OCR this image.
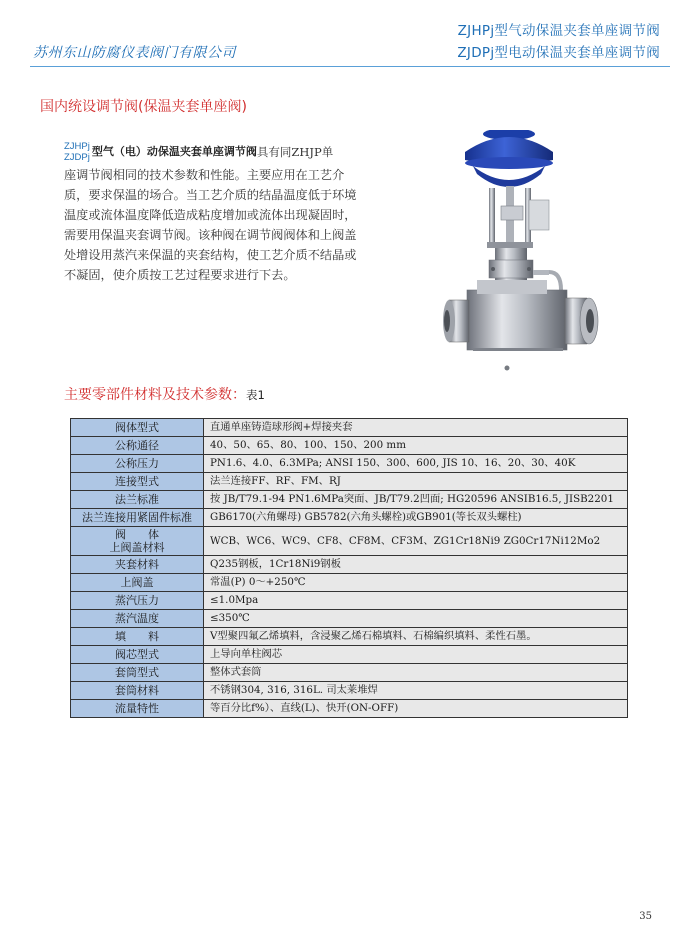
苏州东山防腐仪表阀门有限公司
ZJHPj型气动保温夹套单座调节阀
ZJDPj型电动保温夹套单座调节阀
国内统设调节阀(保温夹套单座阀)
ZJHPj
ZJDPj 型气（电）动保温夹套单座调节阀 具有同ZHJP单
座调节阀相同的技术参数和性能。主要应用在工艺介质，要求保温的场合。当工艺介质的结晶温度低于环境温度或流体温度降低造成粘度增加或流体出现凝固时，需要用保温夹套调节阀。该种阀在调节阀阀体和上阀盖处增设用蒸汽来保温的夹套结构，使工艺介质不结晶或不凝固，使介质按工艺过程要求进行下去。
主要零部件材料及技术参数：表1
阀体型式	直通单座铸造球形阀+焊接夹套
公称通径	40、50、65、80、100、150、200 mm
公称压力	PN1.6、4.0、6.3MPa; ANSI 150、300、600, JIS 10、16、20、30、40K
连接型式	法兰连接FF、RF、FM、RJ
法兰标准	按 JB/T79.1-94 PN1.6MPa突面、JB/T79.2凹面; HG20596 ANSIB16.5, JISB2201
法兰连接用紧固件标准	GB6170(六角螺母) GB5782(六角头螺栓)或GB901(等长双头螺柱)
阀　　体
上阀盖材料	WCB、WC6、WC9、CF8、CF8M、CF3M、ZG1Cr18Ni9 ZG0Cr17Ni12Mo2
夹套材料	Q235钢板，1Cr18Ni9钢板
上阀盖	常温(P) 0～+250℃
蒸汽压力	≤1.0Mpa
蒸汽温度	≤350℃
填　　料	V型聚四氟乙烯填料，含浸聚乙烯石棉填料、石棉编织填料、柔性石墨。
阀芯型式	上导向单柱阀芯
套筒型式	整体式套筒
套筒材料	不锈钢304, 316, 316L. 司太莱堆焊
流量特性	等百分比f%）、直线(L)、快开(ON-OFF)
35
